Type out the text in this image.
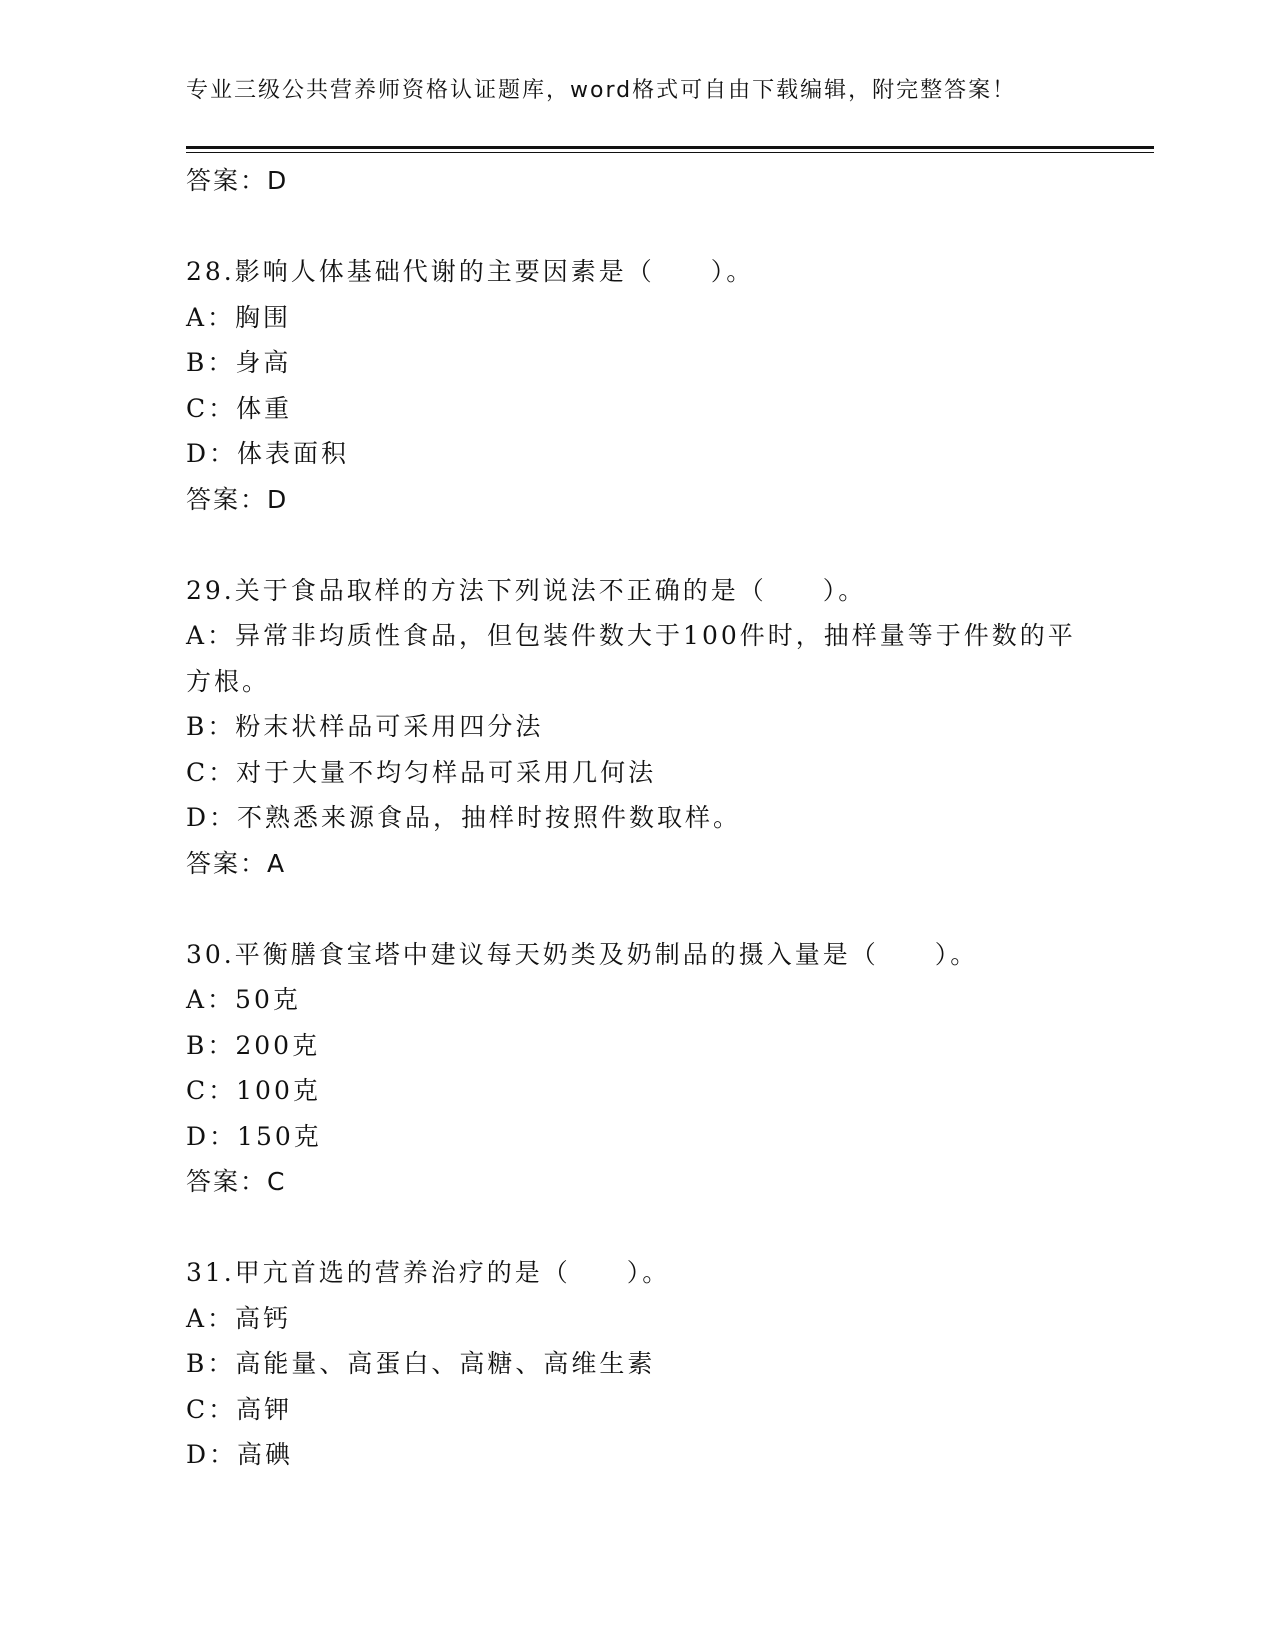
专业三级公共营养师资格认证题库，word格式可自由下载编辑，附完整答案！
答案：D
28.影响人体基础代谢的主要因素是（　　）。
A：胸围
B：身高
C：体重
D：体表面积
答案：D
29.关于食品取样的方法下列说法不正确的是（　　）。
A：异常非均质性食品，但包装件数大于100件时，抽样量等于件数的平方根。
B：粉末状样品可采用四分法
C：对于大量不均匀样品可采用几何法
D：不熟悉来源食品，抽样时按照件数取样。
答案：A
30.平衡膳食宝塔中建议每天奶类及奶制品的摄入量是（　　）。
A：50克
B：200克
C：100克
D：150克
答案：C
31.甲亢首选的营养治疗的是（　　）。
A：高钙
B：高能量、高蛋白、高糖、高维生素
C：高钾
D：高碘
